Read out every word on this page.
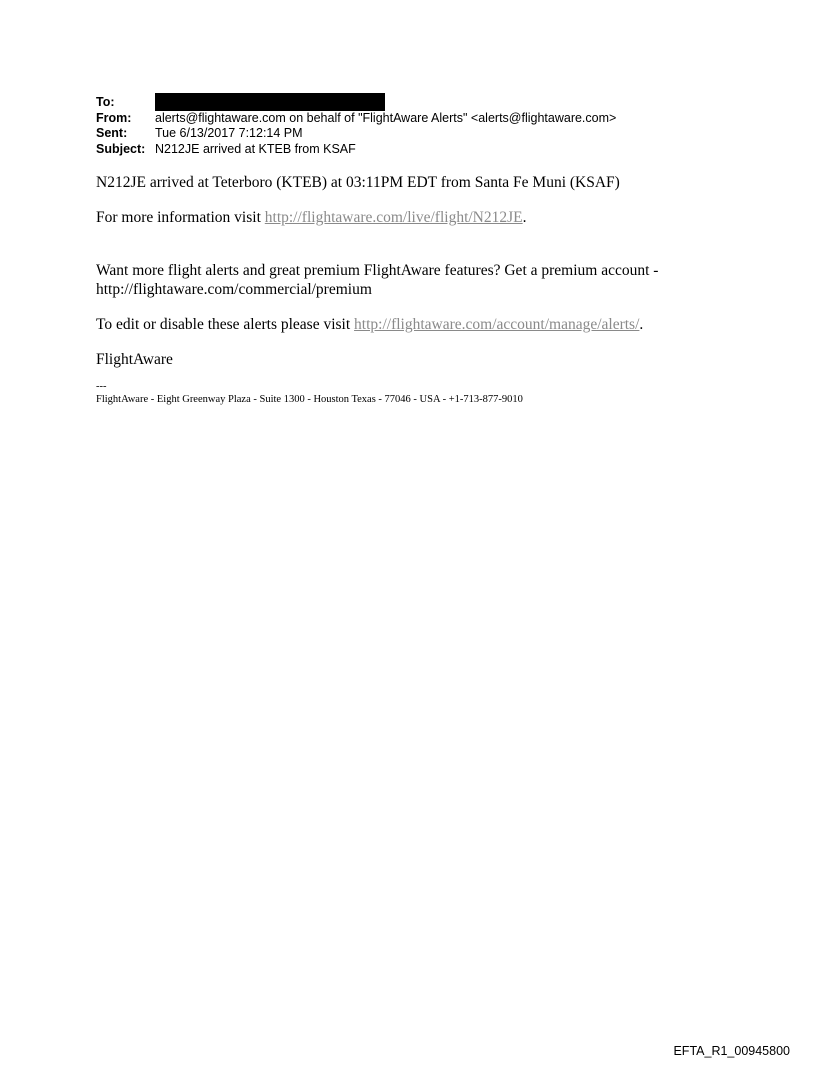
To:
From:	alerts@flightaware.com on behalf of "FlightAware Alerts" <alerts@flightaware.com>
Sent:	Tue 6/13/2017 7:12:14 PM
Subject: N212JE arrived at KTEB from KSAF

N212JE arrived at Teterboro (KTEB) at 03:11PM EDT from Santa Fe Muni (KSAF)

For more information visit http://flightaware.com/live/flight/N212JE.

Want more flight alerts and great premium FlightAware features? Get a premium account -
http://flightaware.com/commercial/premium

To edit or disable these alerts please visit http://flightaware.com/account/manage/alerts/.

FlightAware

---
FlightAware - Eight Greenway Plaza - Suite 1300 - Houston Texas - 77046 - USA - +1-713-877-9010
EFTA_R1_00945800
